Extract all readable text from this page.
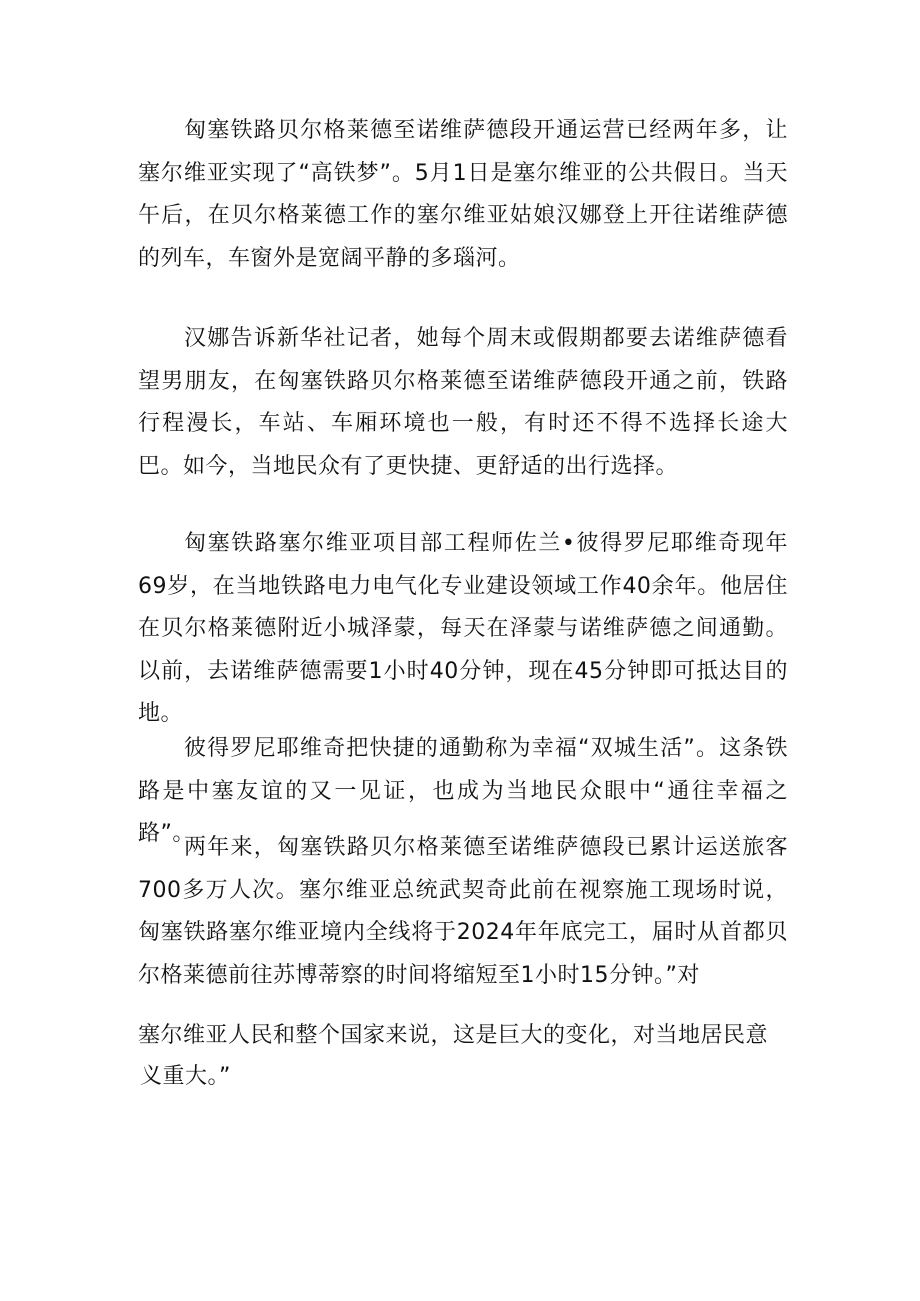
匈塞铁路贝尔格莱德至诺维萨德段开通运营已经两年多，让塞尔维亚实现了“高铁梦”。5月1日是塞尔维亚的公共假日。当天午后，在贝尔格莱德工作的塞尔维亚姑娘汉娜登上开往诺维萨德的列车，车窗外是宽阔平静的多瑙河。

汉娜告诉新华社记者，她每个周末或假期都要去诺维萨德看望男朋友，在匈塞铁路贝尔格莱德至诺维萨德段开通之前，铁路行程漫长，车站、车厢环境也一般，有时还不得不选择长途大巴。如今，当地民众有了更快捷、更舒适的出行选择。

匈塞铁路塞尔维亚项目部工程师佐兰•彼得罗尼耶维奇现年69岁，在当地铁路电力电气化专业建设领域工作40余年。他居住在贝尔格莱德附近小城泽蒙，每天在泽蒙与诺维萨德之间通勤。以前，去诺维萨德需要1小时40分钟，现在45分钟即可抵达目的地。

彼得罗尼耶维奇把快捷的通勤称为幸福“双城生活”。这条铁路是中塞友谊的又一见证，也成为当地民众眼中“通往幸福之路”。

两年来，匈塞铁路贝尔格莱德至诺维萨德段已累计运送旅客700多万人次。塞尔维亚总统武契奇此前在视察施工现场时说，匈塞铁路塞尔维亚境内全线将于2024年年底完工，届时从首都贝尔格莱德前往苏博蒂察的时间将缩短至1小时15分钟。”对

塞尔维亚人民和整个国家来说，这是巨大的变化，对当地居民意

义重大。”
